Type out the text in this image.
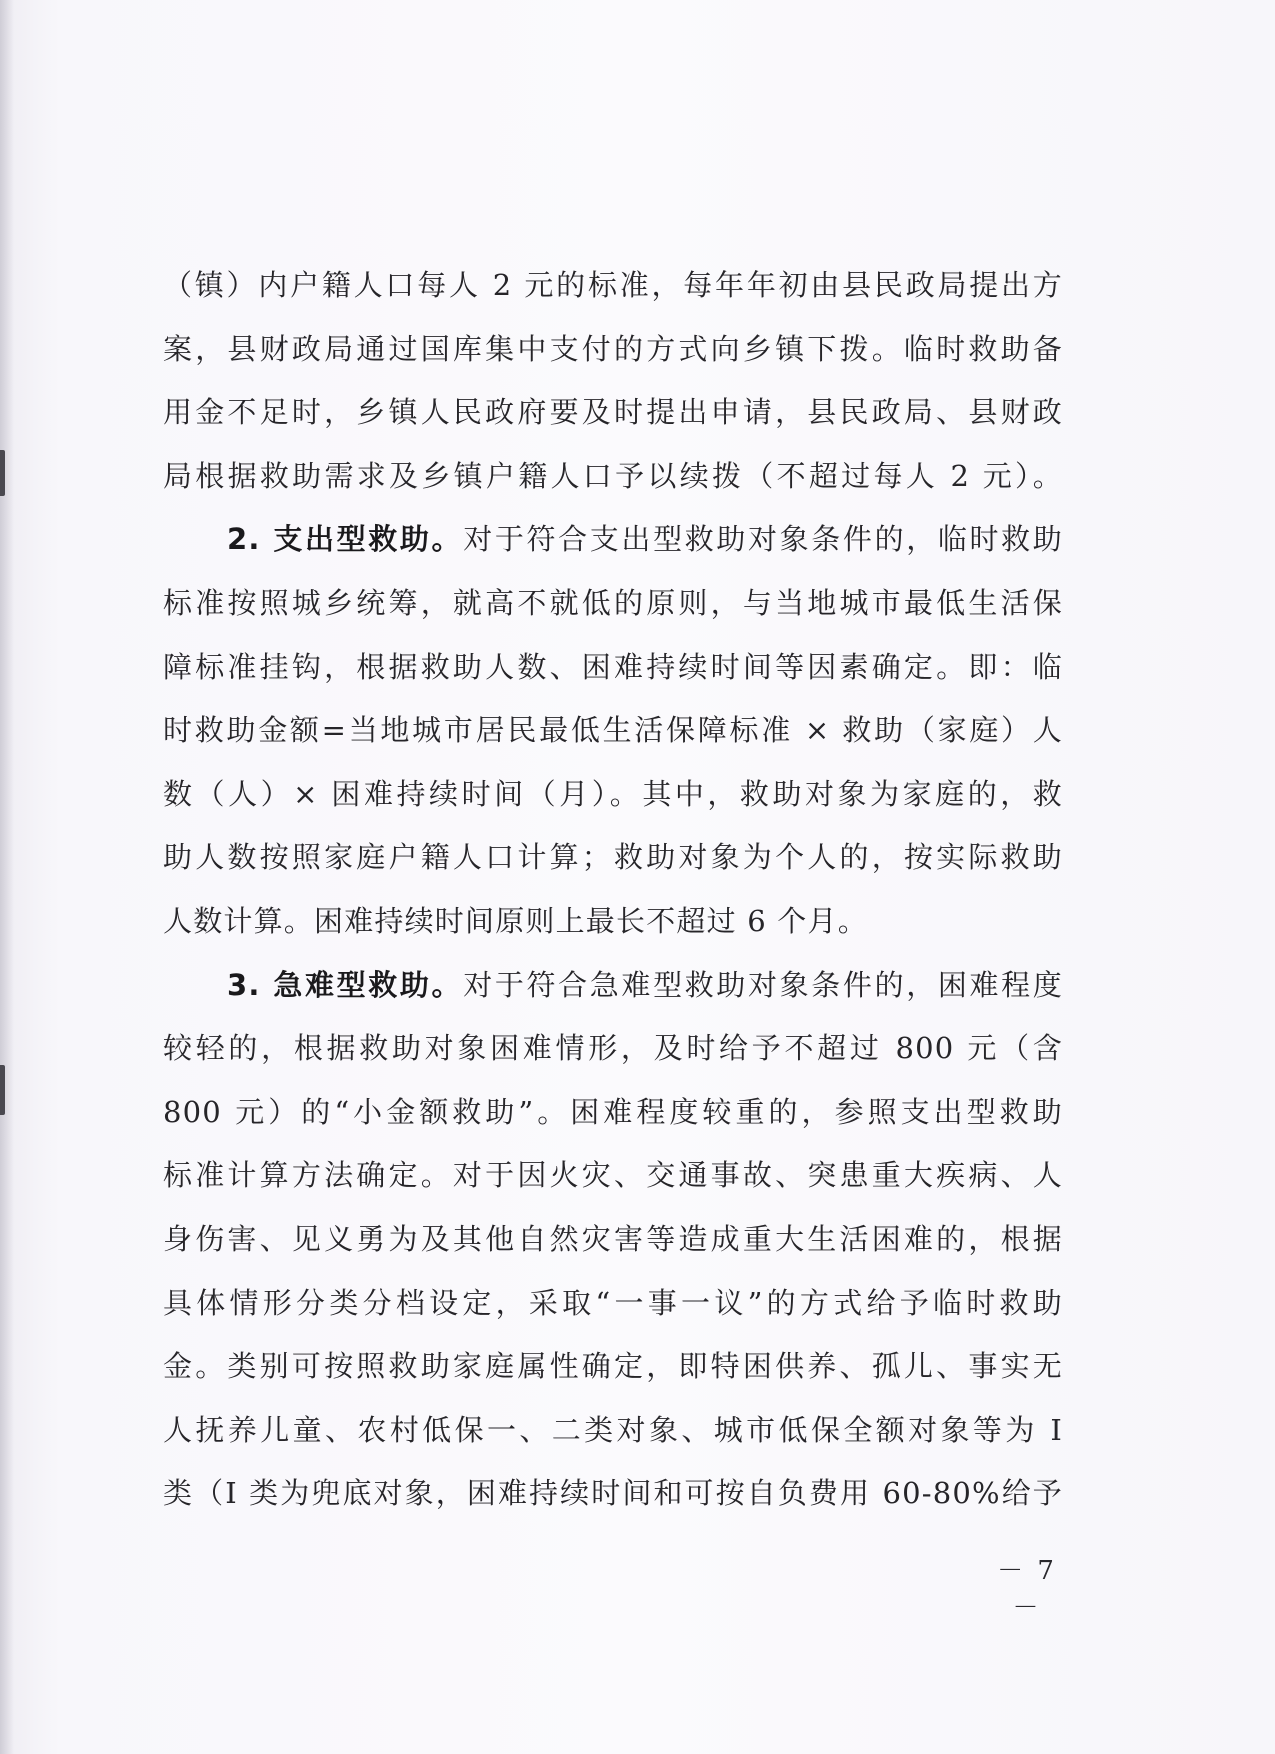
（镇）内户籍人口每人 2 元的标准，每年年初由县民政局提出方
案，县财政局通过国库集中支付的方式向乡镇下拨。临时救助备
用金不足时，乡镇人民政府要及时提出申请，县民政局、县财政
局根据救助需求及乡镇户籍人口予以续拨（不超过每人 2 元）。
2. 支出型救助。对于符合支出型救助对象条件的，临时救助
标准按照城乡统筹，就高不就低的原则，与当地城市最低生活保
障标准挂钩，根据救助人数、困难持续时间等因素确定。即：临
时救助金额=当地城市居民最低生活保障标准 × 救助（家庭）人
数（人）× 困难持续时间（月）。其中，救助对象为家庭的，救
助人数按照家庭户籍人口计算；救助对象为个人的，按实际救助
人数计算。困难持续时间原则上最长不超过 6 个月。
3. 急难型救助。对于符合急难型救助对象条件的，困难程度
较轻的，根据救助对象困难情形，及时给予不超过 800 元（含
800 元）的“小金额救助”。困难程度较重的，参照支出型救助
标准计算方法确定。对于因火灾、交通事故、突患重大疾病、人
身伤害、见义勇为及其他自然灾害等造成重大生活困难的，根据
具体情形分类分档设定，采取“一事一议”的方式给予临时救助
金。类别可按照救助家庭属性确定，即特困供养、孤儿、事实无
人抚养儿童、农村低保一、二类对象、城市低保全额对象等为 I
类（I 类为兜底对象，困难持续时间和可按自负费用 60-80%给予
－ 7 －
